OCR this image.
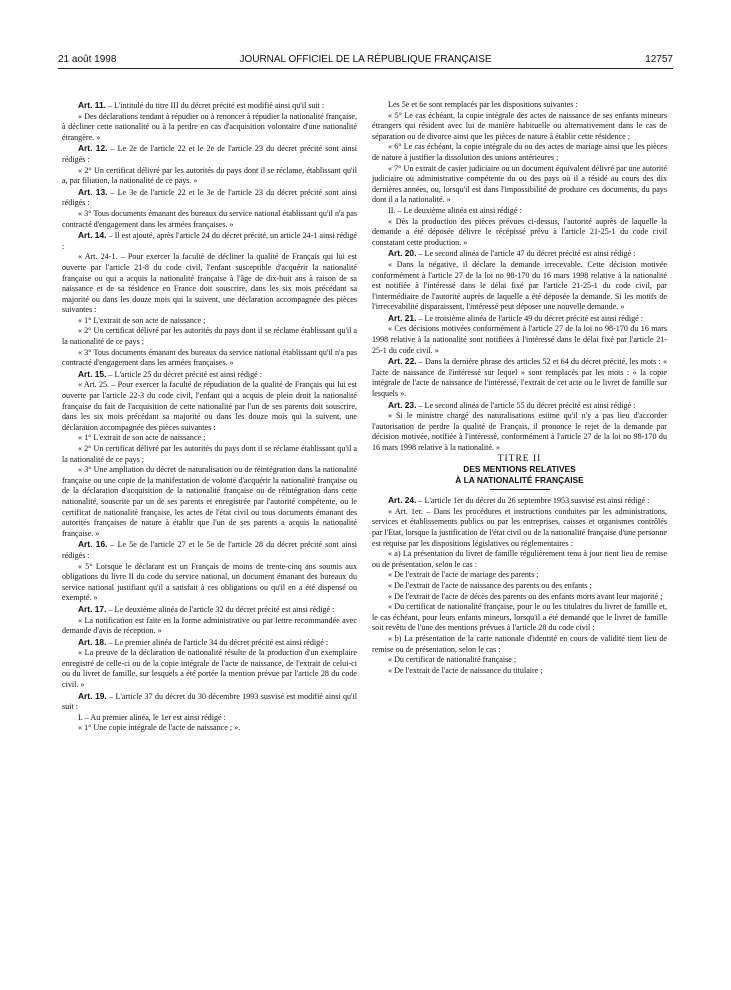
21 août 1998	JOURNAL OFFICIEL DE LA RÉPUBLIQUE FRANÇAISE	12757

Art. 11. – L'intitulé du titre III du décret précité est modifié ainsi qu'il suit :

« Des déclarations tendant à répudier ou à renoncer à répudier la nationalité française, à décliner cette nationalité ou à la perdre en cas d'acquisition volontaire d'une nationalité étrangère. »

Art. 12. – Le 2e de l'article 22 et le 2e de l'article 23 du décret précité sont ainsi rédigés :

« 2° Un certificat délivré par les autorités du pays dont il se réclame, établissant qu'il a, par filiation, la nationalité de ce pays. »

Art. 13. – Le 3e de l'article 22 et le 3e de l'article 23 du décret précité sont ainsi rédigés :

« 3° Tous documents émanant des bureaux du service national établissant qu'il n'a pas contracté d'engagement dans les armées françaises. »

Art. 14. – Il est ajouté, après l'article 24 du décret précité, un article 24-1 ainsi rédigé :

« Art. 24-1. – Pour exercer la faculté de décliner la qualité de Français qui lui est ouverte par l'article 21-8 du code civil, l'enfant susceptible d'acquérir la nationalité française ou qui a acquis la nationalité française à l'âge de dix-huit ans à raison de sa naissance et de sa résidence en France doit souscrire, dans les six mois précédant sa majorité ou dans les douze mois qui la suivent, une déclaration accompagnée des pièces suivantes :

« 1° L'extrait de son acte de naissance ;

« 2° Un certificat délivré par les autorités du pays dont il se réclame établissant qu'il a la nationalité de ce pays ;

« 3° Tous documents émanant des bureaux du service national établissant qu'il n'a pas contracté d'engagement dans les armées françaises. »

Art. 15. – L'article 25 du décret précité est ainsi rédigé :

« Art. 25. – Pour exercer la faculté de répudiation de la qualité de Français qui lui est ouverte par l'article 22-3 du code civil, l'enfant qui a acquis de plein droit la nationalité française du fait de l'acquisition de cette nationalité par l'un de ses parents doit souscrire, dans les six mois précédant sa majorité ou dans les douze mois qui la suivent, une déclaration accompagnée des pièces suivantes :

« 1° L'extrait de son acte de naissance ;

« 2° Un certificat délivré par les autorités du pays dont il se réclame établissant qu'il a la nationalité de ce pays ;

« 3° Une ampliation du décret de naturalisation ou de réintégration dans la nationalité française ou une copie de la manifestation de volonté d'acquérir la nationalité française ou de la déclaration d'acquisition de la nationalité française ou de réintégration dans cette nationalité, souscrite par un de ses parents et enregistrée par l'autorité compétente, ou le certificat de nationalité française, les actes de l'état civil ou tous documents émanant des autorités françaises de nature à établir que l'un de ses parents a acquis la nationalité française. »

Art. 16. – Le 5e de l'article 27 et le 5e de l'article 28 du décret précité sont ainsi rédigés :

« 5° Lorsque le déclarant est un Français de moins de trente-cinq ans soumis aux obligations du livre II du code du service national, un document émanant des bureaux du service national justifiant qu'il a satisfait à ces obligations ou qu'il en a été dispensé ou exempté. »

Art. 17. – Le deuxième alinéa de l'article 32 du décret précité est ainsi rédigé :

« La notification est faite en la forme administrative ou par lettre recommandée avec demande d'avis de réception. »

Art. 18. – Le premier alinéa de l'article 34 du décret précité est ainsi rédigé :

« La preuve de la déclaration de nationalité résulte de la production d'un exemplaire enregistré de celle-ci ou de la copie intégrale de l'acte de naissance, de l'extrait de celui-ci ou du livret de famille, sur lesquels a été portée la mention prévue par l'article 28 du code civil. »

Art. 19. – L'article 37 du décret du 30 décembre 1993 susvisé est modifié ainsi qu'il suit :

I. – Au premier alinéa, le 1er est ainsi rédigé :

« 1° Une copie intégrale de l'acte de naissance ; ».

Les 5e et 6e sont remplacés par les dispositions suivantes :

« 5° Le cas échéant, la copie intégrale des actes de naissance de ses enfants mineurs étrangers qui résident avec lui de manière habituelle ou alternativement dans le cas de séparation ou de divorce ainsi que les pièces de nature à établir cette résidence ;

« 6° Le cas échéant, la copie intégrale du ou des actes de mariage ainsi que les pièces de nature à justifier la dissolution des unions antérieures ;

« 7° Un extrait de casier judiciaire ou un document équivalent délivré par une autorité judiciaire ou administrative compétente du ou des pays où il a résidé au cours des dix dernières années, ou, lorsqu'il est dans l'impossibilité de produire ces documents, du pays dont il a la nationalité. »

II. – Le deuxième alinéa est ainsi rédigé :

« Dès la production des pièces prévues ci-dessus, l'autorité auprès de laquelle la demande a été déposée délivre le récépissé prévu à l'article 21-25-1 du code civil constatant cette production. »

Art. 20. – Le second alinéa de l'article 47 du décret précité est ainsi rédigé :

« Dans la négative, il déclare la demande irrecevable. Cette décision motivée conformément à l'article 27 de la loi no 98-170 du 16 mars 1998 relative à la nationalité est notifiée à l'intéressé dans le délai fixé par l'article 21-25-1 du code civil, par l'intermédiaire de l'autorité auprès de laquelle a été déposée la demande. Si les motifs de l'irrecevabilité disparaissent, l'intéressé peut déposer une nouvelle demande. »

Art. 21. – Le troisième alinéa de l'article 49 du décret précité est ainsi rédigé :

« Ces décisions motivées conformément à l'article 27 de la loi no 98-170 du 16 mars 1998 relative à la nationalité sont notifiées à l'intéressé dans le délai fixé par l'article 21-25-1 du code civil. »

Art. 22. – Dans la dernière phrase des articles 52 et 64 du décret précité, les mots : « l'acte de naissance de l'intéressé sur lequel » sont remplacés par les mots : « la copie intégrale de l'acte de naissance de l'intéressé, l'extrait de cet acte ou le livret de famille sur lesquels ».

Art. 23. – Le second alinéa de l'article 55 du décret précité est ainsi rédigé :

« Si le ministre chargé des naturalisations estime qu'il n'y a pas lieu d'accorder l'autorisation de perdre la qualité de Français, il prononce le rejet de la demande par décision motivée, notifiée à l'intéressé, conformément à l'article 27 de la loi no 98-170 du 16 mars 1998 relative à la nationalité. »

TITRE II

DES MENTIONS RELATIVES

À LA NATIONALITÉ FRANÇAISE

Art. 24. – L'article 1er du décret du 26 septembre 1953 susvisé est ainsi rédigé :

« Art. 1er. – Dans les procédures et instructions conduites par les administrations, services et établissements publics ou par les entreprises, caisses et organismes contrôlés par l'Etat, lorsque la justification de l'état civil ou de la nationalité française d'une personne est requise par les dispositions législatives ou réglementaires :

« a) La présentation du livret de famille régulièrement tenu à jour tient lieu de remise ou de présentation, selon le cas :

« De l'extrait de l'acte de mariage des parents ;

« De l'extrait de l'acte de naissance des parents ou des enfants ;

« De l'extrait de l'acte de décès des parents ou des enfants morts avant leur majorité ;

« Du certificat de nationalité française, pour le ou les titulaires du livret de famille et, le cas échéant, pour leurs enfants mineurs, lorsqu'il a été demandé que le livret de famille soit revêtu de l'une des mentions prévues à l'article 28 du code civil ;

« b) La présentation de la carte nationale d'identité en cours de validité tient lieu de remise ou de présentation, selon le cas :

« Du certificat de nationalité française ;

« De l'extrait de l'acte de naissance du titulaire ;
